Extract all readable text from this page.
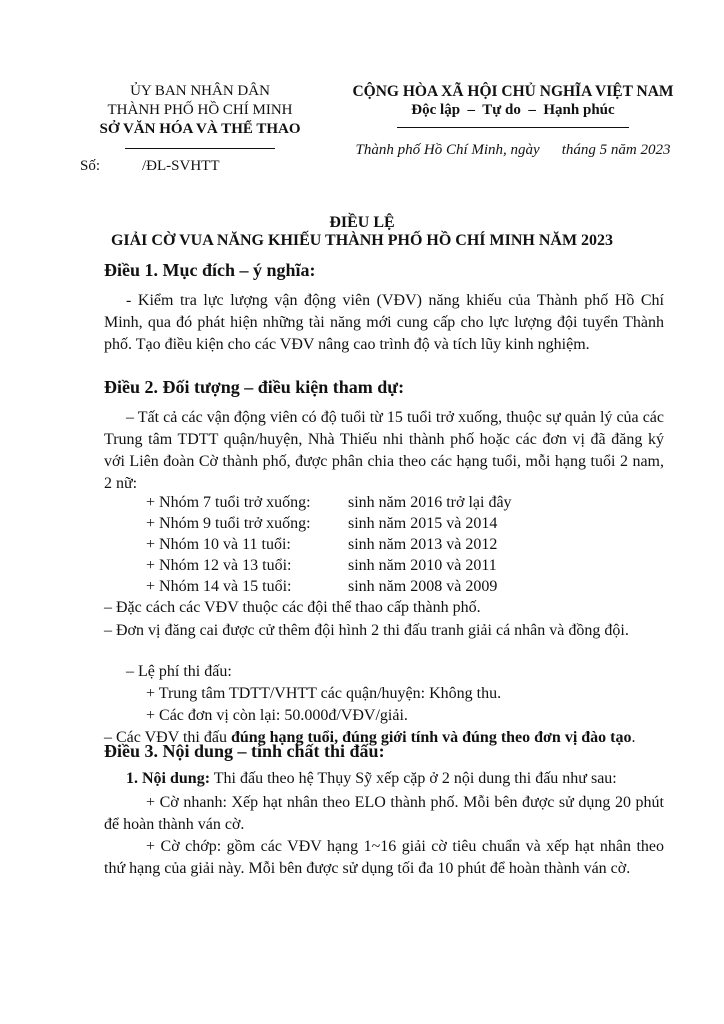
ỦY BAN NHÂN DÂN
THÀNH PHỐ HỒ CHÍ MINH
SỞ VĂN HÓA VÀ THỂ THAO
Số:	/ĐL-SVHTT
CỘNG HÒA XÃ HỘI CHỦ NGHĨA VIỆT NAM
Độc lập – Tự do – Hạnh phúc
Thành phố Hồ Chí Minh, ngày tháng 5 năm 2023
ĐIỀU LỆ
GIẢI CỜ VUA NĂNG KHIẾU THÀNH PHỐ HỒ CHÍ MINH NĂM 2023
Điều 1. Mục đích – ý nghĩa:
- Kiểm tra lực lượng vận động viên (VĐV) năng khiếu của Thành phố Hồ Chí Minh, qua đó phát hiện những tài năng mới cung cấp cho lực lượng đội tuyển Thành phố. Tạo điều kiện cho các VĐV nâng cao trình độ và tích lũy kinh nghiệm.
Điều 2. Đối tượng – điều kiện tham dự:
– Tất cả các vận động viên có độ tuổi từ 15 tuổi trở xuống, thuộc sự quản lý của các Trung tâm TDTT quận/huyện, Nhà Thiếu nhi thành phố hoặc các đơn vị đã đăng ký với Liên đoàn Cờ thành phố, được phân chia theo các hạng tuổi, mỗi hạng tuổi 2 nam, 2 nữ:
+ Nhóm 7 tuổi trở xuống: sinh năm 2016 trở lại đây
+ Nhóm 9 tuổi trở xuống: sinh năm 2015 và 2014
+ Nhóm 10 và 11 tuổi:	sinh năm 2013 và 2012
+ Nhóm 12 và 13 tuổi:	sinh năm 2010 và 2011
+ Nhóm 14 và 15 tuổi:	sinh năm 2008 và 2009
– Đặc cách các VĐV thuộc các đội thể thao cấp thành phố.
– Đơn vị đăng cai được cử thêm đội hình 2 thi đấu tranh giải cá nhân và đồng đội.
– Lệ phí thi đấu:
+ Trung tâm TDTT/VHTT các quận/huyện: Không thu.
+ Các đơn vị còn lại: 50.000đ/VĐV/giải.
– Các VĐV thi đấu đúng hạng tuổi, đúng giới tính và đúng theo đơn vị đào tạo.
Điều 3. Nội dung – tính chất thi đấu:
1. Nội dung: Thi đấu theo hệ Thụy Sỹ xếp cặp ở 2 nội dung thi đấu như sau:
+ Cờ nhanh: Xếp hạt nhân theo ELO thành phố. Mỗi bên được sử dụng 20 phút để hoàn thành ván cờ.
+ Cờ chớp: gồm các VĐV hạng 1~16 giải cờ tiêu chuẩn và xếp hạt nhân theo thứ hạng của giải này. Mỗi bên được sử dụng tối đa 10 phút để hoàn thành ván cờ.
